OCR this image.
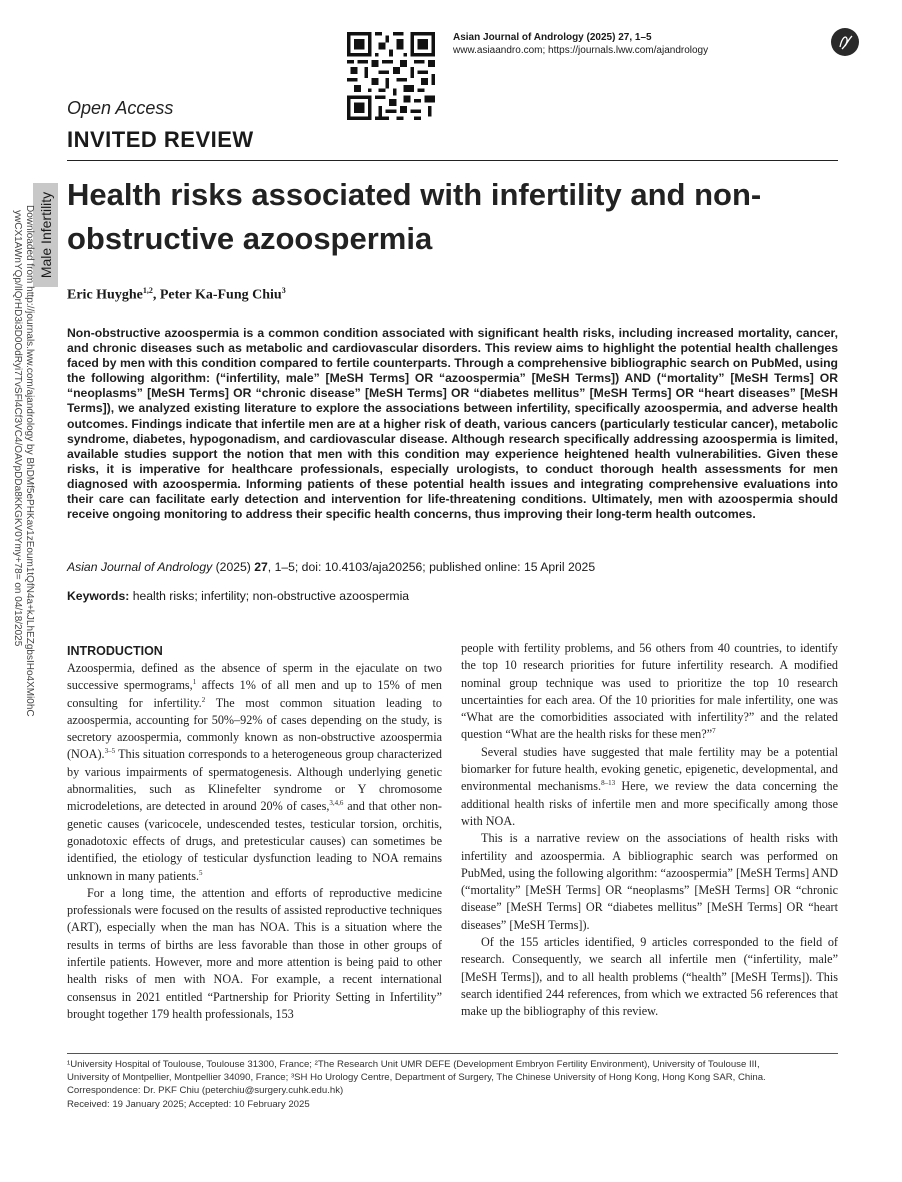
Asian Journal of Andrology (2025) 27, 1–5
www.asiaandro.com; https://journals.lww.com/ajandrology
Male Infertility
Downloaded from http://journals.lww.com/ajandrology by BhDMf5ePHKav1zEoum1tQfN4a+kJLhEZgbsIHo4XMi0hC
ywCX1AWnYQp/IlQrHD3i3D0OdRyi7TvSFl4Cf3VC4/OAVpDDa8KKGKV0Ymy+78= on 04/18/2025
Open Access
INVITED REVIEW
Health risks associated with infertility and non-obstructive azoospermia
Eric Huyghe$^{1,2}$, Peter Ka-Fung Chiu$^3$
Non-obstructive azoospermia is a common condition associated with significant health risks, including increased mortality, cancer, and chronic diseases such as metabolic and cardiovascular disorders. This review aims to highlight the potential health challenges faced by men with this condition compared to fertile counterparts. Through a comprehensive bibliographic search on PubMed, using the following algorithm: (“infertility, male” [MeSH Terms] OR “azoospermia” [MeSH Terms]) AND (“mortality” [MeSH Terms] OR “neoplasms” [MeSH Terms] OR “chronic disease” [MeSH Terms] OR “diabetes mellitus” [MeSH Terms] OR “heart diseases” [MeSH Terms]), we analyzed existing literature to explore the associations between infertility, specifically azoospermia, and adverse health outcomes. Findings indicate that infertile men are at a higher risk of death, various cancers (particularly testicular cancer), metabolic syndrome, diabetes, hypogonadism, and cardiovascular disease. Although research specifically addressing azoospermia is limited, available studies support the notion that men with this condition may experience heightened health vulnerabilities. Given these risks, it is imperative for healthcare professionals, especially urologists, to conduct thorough health assessments for men diagnosed with azoospermia. Informing patients of these potential health issues and integrating comprehensive evaluations into their care can facilitate early detection and intervention for life-threatening conditions. Ultimately, men with azoospermia should receive ongoing monitoring to address their specific health concerns, thus improving their long-term health outcomes.
Asian Journal of Andrology (2025) 27, 1–5; doi: 10.4103/aja20256; published online: 15 April 2025
Keywords: health risks; infertility; non-obstructive azoospermia
INTRODUCTION

Azoospermia, defined as the absence of sperm in the ejaculate on two successive spermograms,$^1$ affects 1% of all men and up to 15% of men consulting for infertility.$^2$ The most common situation leading to azoospermia, accounting for 50%–92% of cases depending on the study, is secretory azoospermia, commonly known as non-obstructive azoospermia (NOA).$^{3-5}$ This situation corresponds to a heterogeneous group characterized by various impairments of spermatogenesis. Although underlying genetic abnormalities, such as Klinefelter syndrome or Y chromosome microdeletions, are detected in around 20% of cases,$^{3,4,6}$ and that other non-genetic causes (varicocele, undescended testes, testicular torsion, orchitis, gonadotoxic effects of drugs, and pretesticular causes) can sometimes be identified, the etiology of testicular dysfunction leading to NOA remains unknown in many patients.$^5$

For a long time, the attention and efforts of reproductive medicine professionals were focused on the results of assisted reproductive techniques (ART), especially when the man has NOA. This is a situation where the results in terms of births are less favorable than those in other groups of infertile patients. However, more and more attention is being paid to other health risks of men with NOA. For example, a recent international consensus in 2021 entitled “Partnership for Priority Setting in Infertility” brought together 179 health professionals, 153

people with fertility problems, and 56 others from 40 countries, to identify the top 10 research priorities for future infertility research. A modified nominal group technique was used to prioritize the top 10 research uncertainties for each area. Of the 10 priorities for male infertility, one was “What are the comorbidities associated with infertility?” and the related question “What are the health risks for these men?”$^7$

Several studies have suggested that male fertility may be a potential biomarker for future health, evoking genetic, epigenetic, developmental, and environmental mechanisms.$^{8-13}$ Here, we review the data concerning the additional health risks of infertile men and more specifically among those with NOA.

This is a narrative review on the associations of health risks with infertility and azoospermia. A bibliographic search was performed on PubMed, using the following algorithm: “azoospermia” [MeSH Terms] AND (“mortality” [MeSH Terms] OR “neoplasms” [MeSH Terms] OR “chronic disease” [MeSH Terms] OR “diabetes mellitus” [MeSH Terms] OR “heart diseases” [MeSH Terms]).

Of the 155 articles identified, 9 articles corresponded to the field of research. Consequently, we search all infertile men (“infertility, male” [MeSH Terms]), and to all health problems (“health” [MeSH Terms]). This search identified 244 references, from which we extracted 56 references that make up the bibliography of this review.

¹University Hospital of Toulouse, Toulouse 31300, France; ²The Research Unit UMR DEFE (Development Embryon Fertility Environment), University of Toulouse III,
University of Montpellier, Montpellier 34090, France; ³SH Ho Urology Centre, Department of Surgery, The Chinese University of Hong Kong, Hong Kong SAR, China.
Correspondence: Dr. PKF Chiu (peterchiu@surgery.cuhk.edu.hk)
Received: 19 January 2025; Accepted: 10 February 2025
